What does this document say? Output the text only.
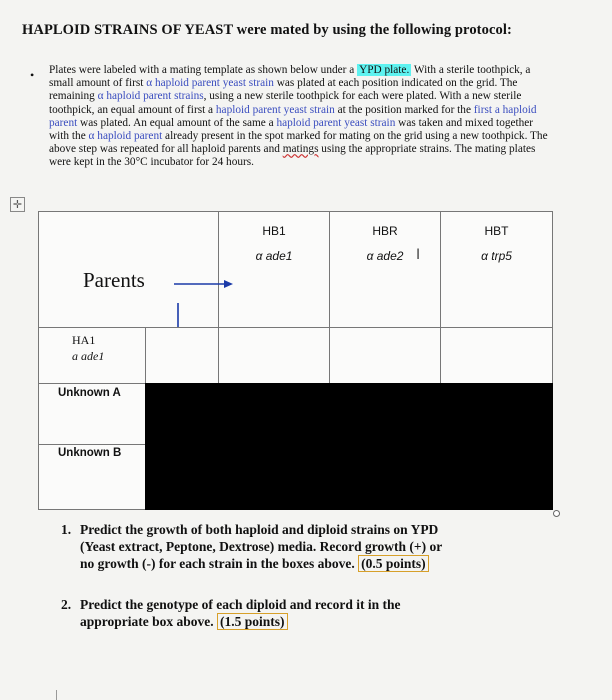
HAPLOID STRAINS OF YEAST were mated by using the following protocol:
• Plates were labeled with a mating template as shown below under a YPD plate. With a sterile toothpick, a small amount of first α haploid parent yeast strain was plated at each position indicated on the grid. The remaining α haploid parent strains, using a new sterile toothpick for each were plated. With a new sterile toothpick, an equal amount of first a haploid parent yeast strain at the position marked for the first a haploid parent was plated. An equal amount of the same a haploid parent yeast strain was taken and mixed together with the α haploid parent already present in the spot marked for mating on the grid using a new toothpick. The above step was repeated for all haploid parents and matings using the appropriate strains. The mating plates were kept in the 30°C incubator for 24 hours.
✛
HB1
α ade1
HBR
α ade2 I
HBT
α trp5
Parents
HA1
a ade1
Unknown A
Unknown B
1. Predict the growth of both haploid and diploid strains on YPD
(Yeast extract, Peptone, Dextrose) media. Record growth (+) or
no growth (-) for each strain in the boxes above. (0.5 points)
2. Predict the genotype of each diploid and record it in the
appropriate box above. (1.5 points)
